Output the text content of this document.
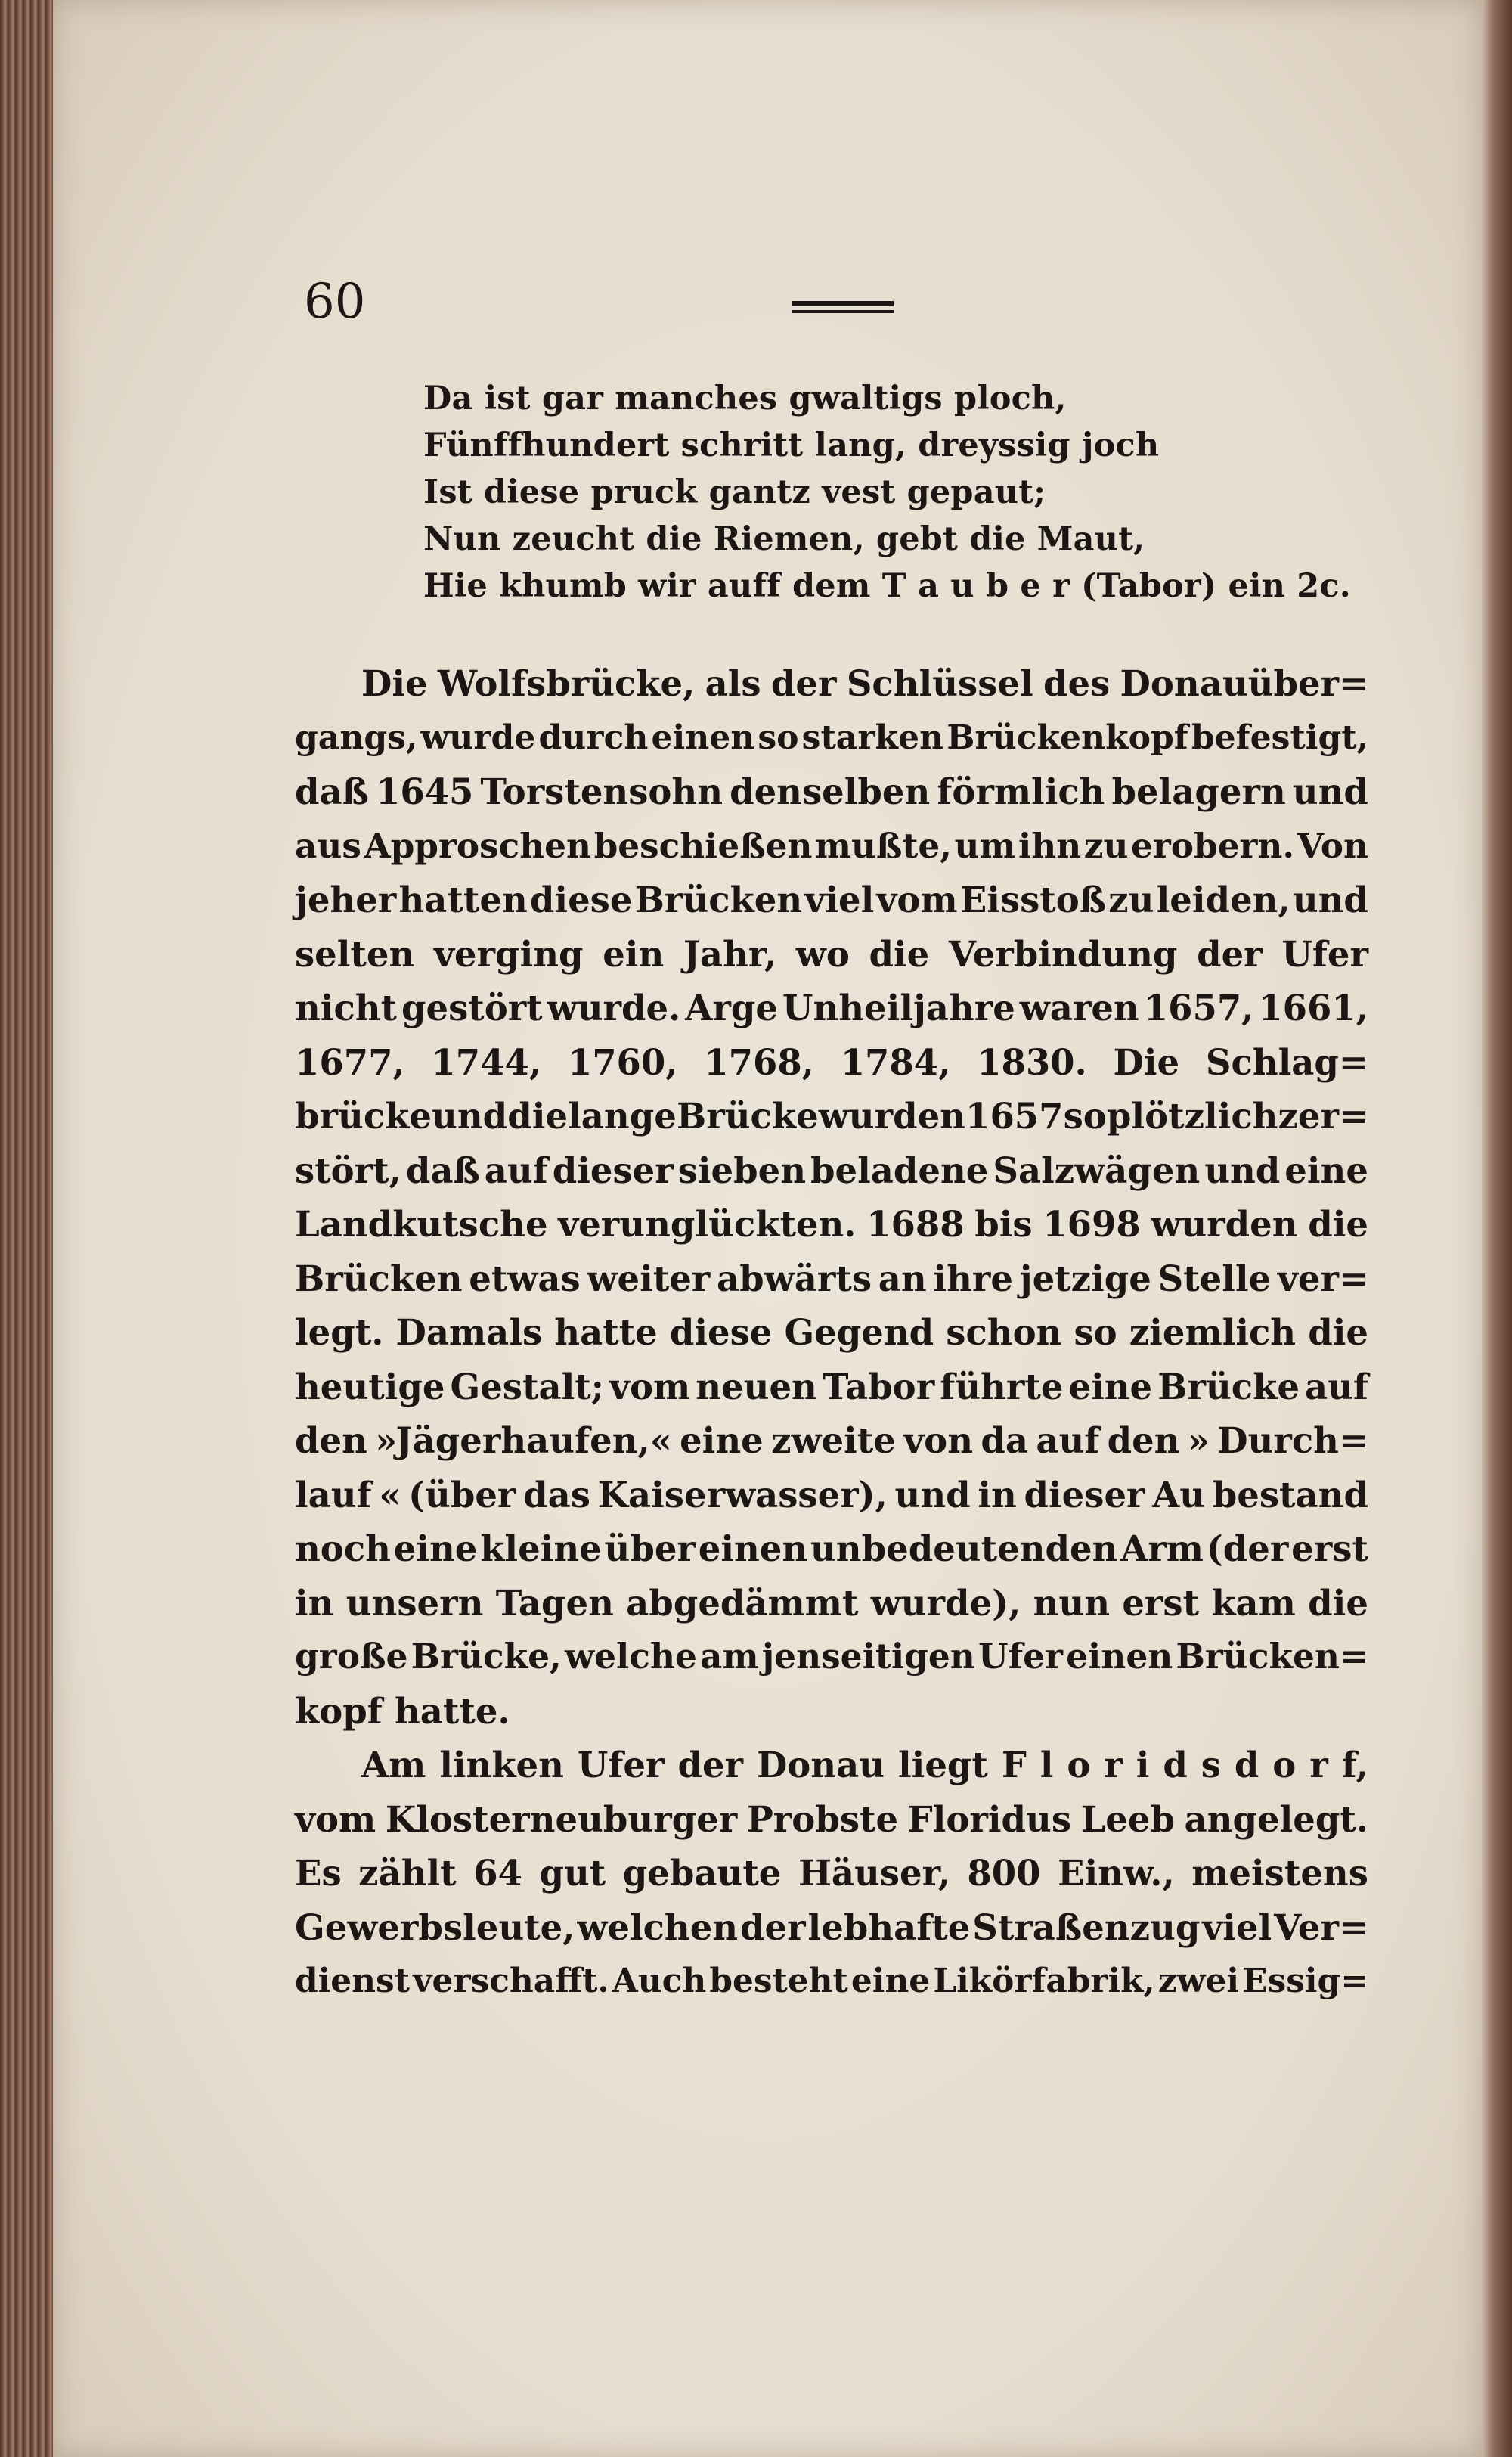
60
Da ist gar manches gwaltigs ploch,
Fünffhundert schritt lang, dreyssig joch
Ist diese pruck gantz vest gepaut;
Nun zeucht die Riemen, gebt die Maut,
Hie khumb wir auff dem T a u b e r (Tabor) ein 2c.
Die Wolfsbrücke, als der Schlüssel des Donauüber=
gangs, wurde durch einen so starken Brückenkopf befestigt,
daß 1645 Torstensohn denselben förmlich belagern und
aus Approschen beschießen mußte, um ihn zu erobern. Von
jeher hatten diese Brücken viel vom Eisstoß zu leiden, und
selten verging ein Jahr, wo die Verbindung der Ufer
nicht gestört wurde. Arge Unheiljahre waren 1657, 1661,
1677, 1744, 1760, 1768, 1784, 1830. Die Schlag=
brücke und die lange Brücke wurden 1657 so plötzlich zer=
stört, daß auf dieser sieben beladene Salzwägen und eine
Landkutsche verunglückten. 1688 bis 1698 wurden die
Brücken etwas weiter abwärts an ihre jetzige Stelle ver=
legt. Damals hatte diese Gegend schon so ziemlich die
heutige Gestalt; vom neuen Tabor führte eine Brücke auf
den »Jägerhaufen,« eine zweite von da auf den » Durch=
lauf « (über das Kaiserwasser), und in dieser Au bestand
noch eine kleine über einen unbedeutenden Arm (der erst
in unsern Tagen abgedämmt wurde), nun erst kam die
große Brücke, welche am jenseitigen Ufer einen Brücken=
kopf hatte.
Am linken Ufer der Donau liegt F l o r i d s d o r f,
vom Klosterneuburger Probste Floridus Leeb angelegt.
Es zählt 64 gut gebaute Häuser, 800 Einw., meistens
Gewerbsleute, welchen der lebhafte Straßenzug viel Ver=
dienst verschafft. Auch besteht eine Likörfabrik, zwei Essig=
